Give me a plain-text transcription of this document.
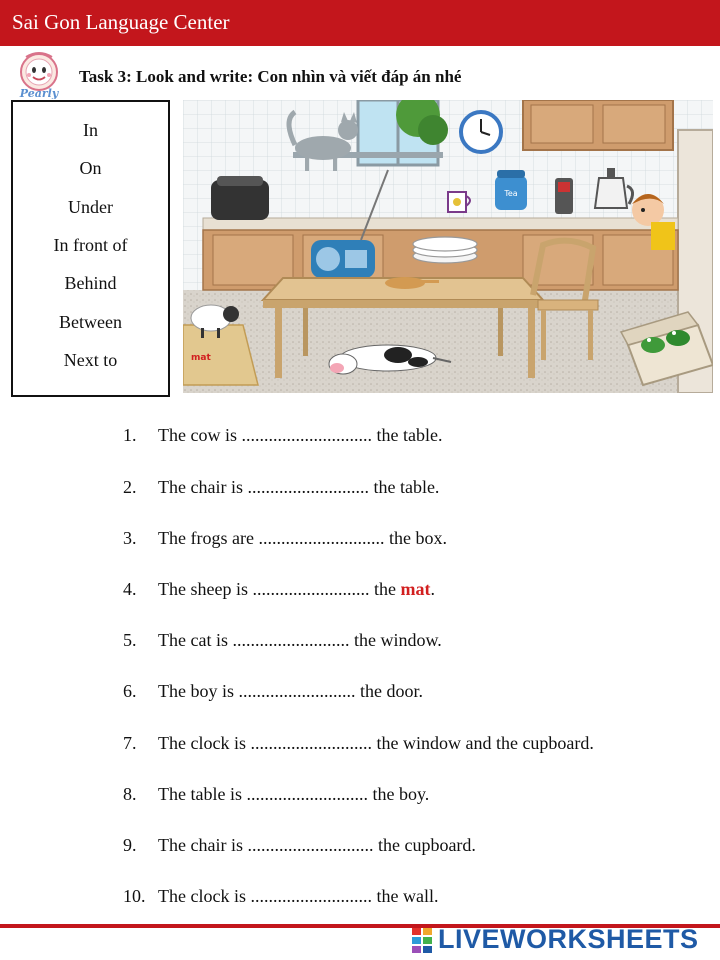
Sai Gon Language Center
Pearly
Task 3: Look and write: Con nhìn và viết đáp án nhé
In
On
Under
In front of
Behind
Between
Next to
Tea
mat
1. The cow is ............................. the table.
2. The chair is ........................... the table.
3. The frogs are ............................ the box.
4. The sheep is .......................... the mat.
5. The cat is .......................... the window.
6. The boy is .......................... the door.
7. The clock is ........................... the window and the cupboard.
8. The table is ........................... the boy.
9. The chair is ............................ the cupboard.
10. The clock is ........................... the wall.
LIVEWORKSHEETS
